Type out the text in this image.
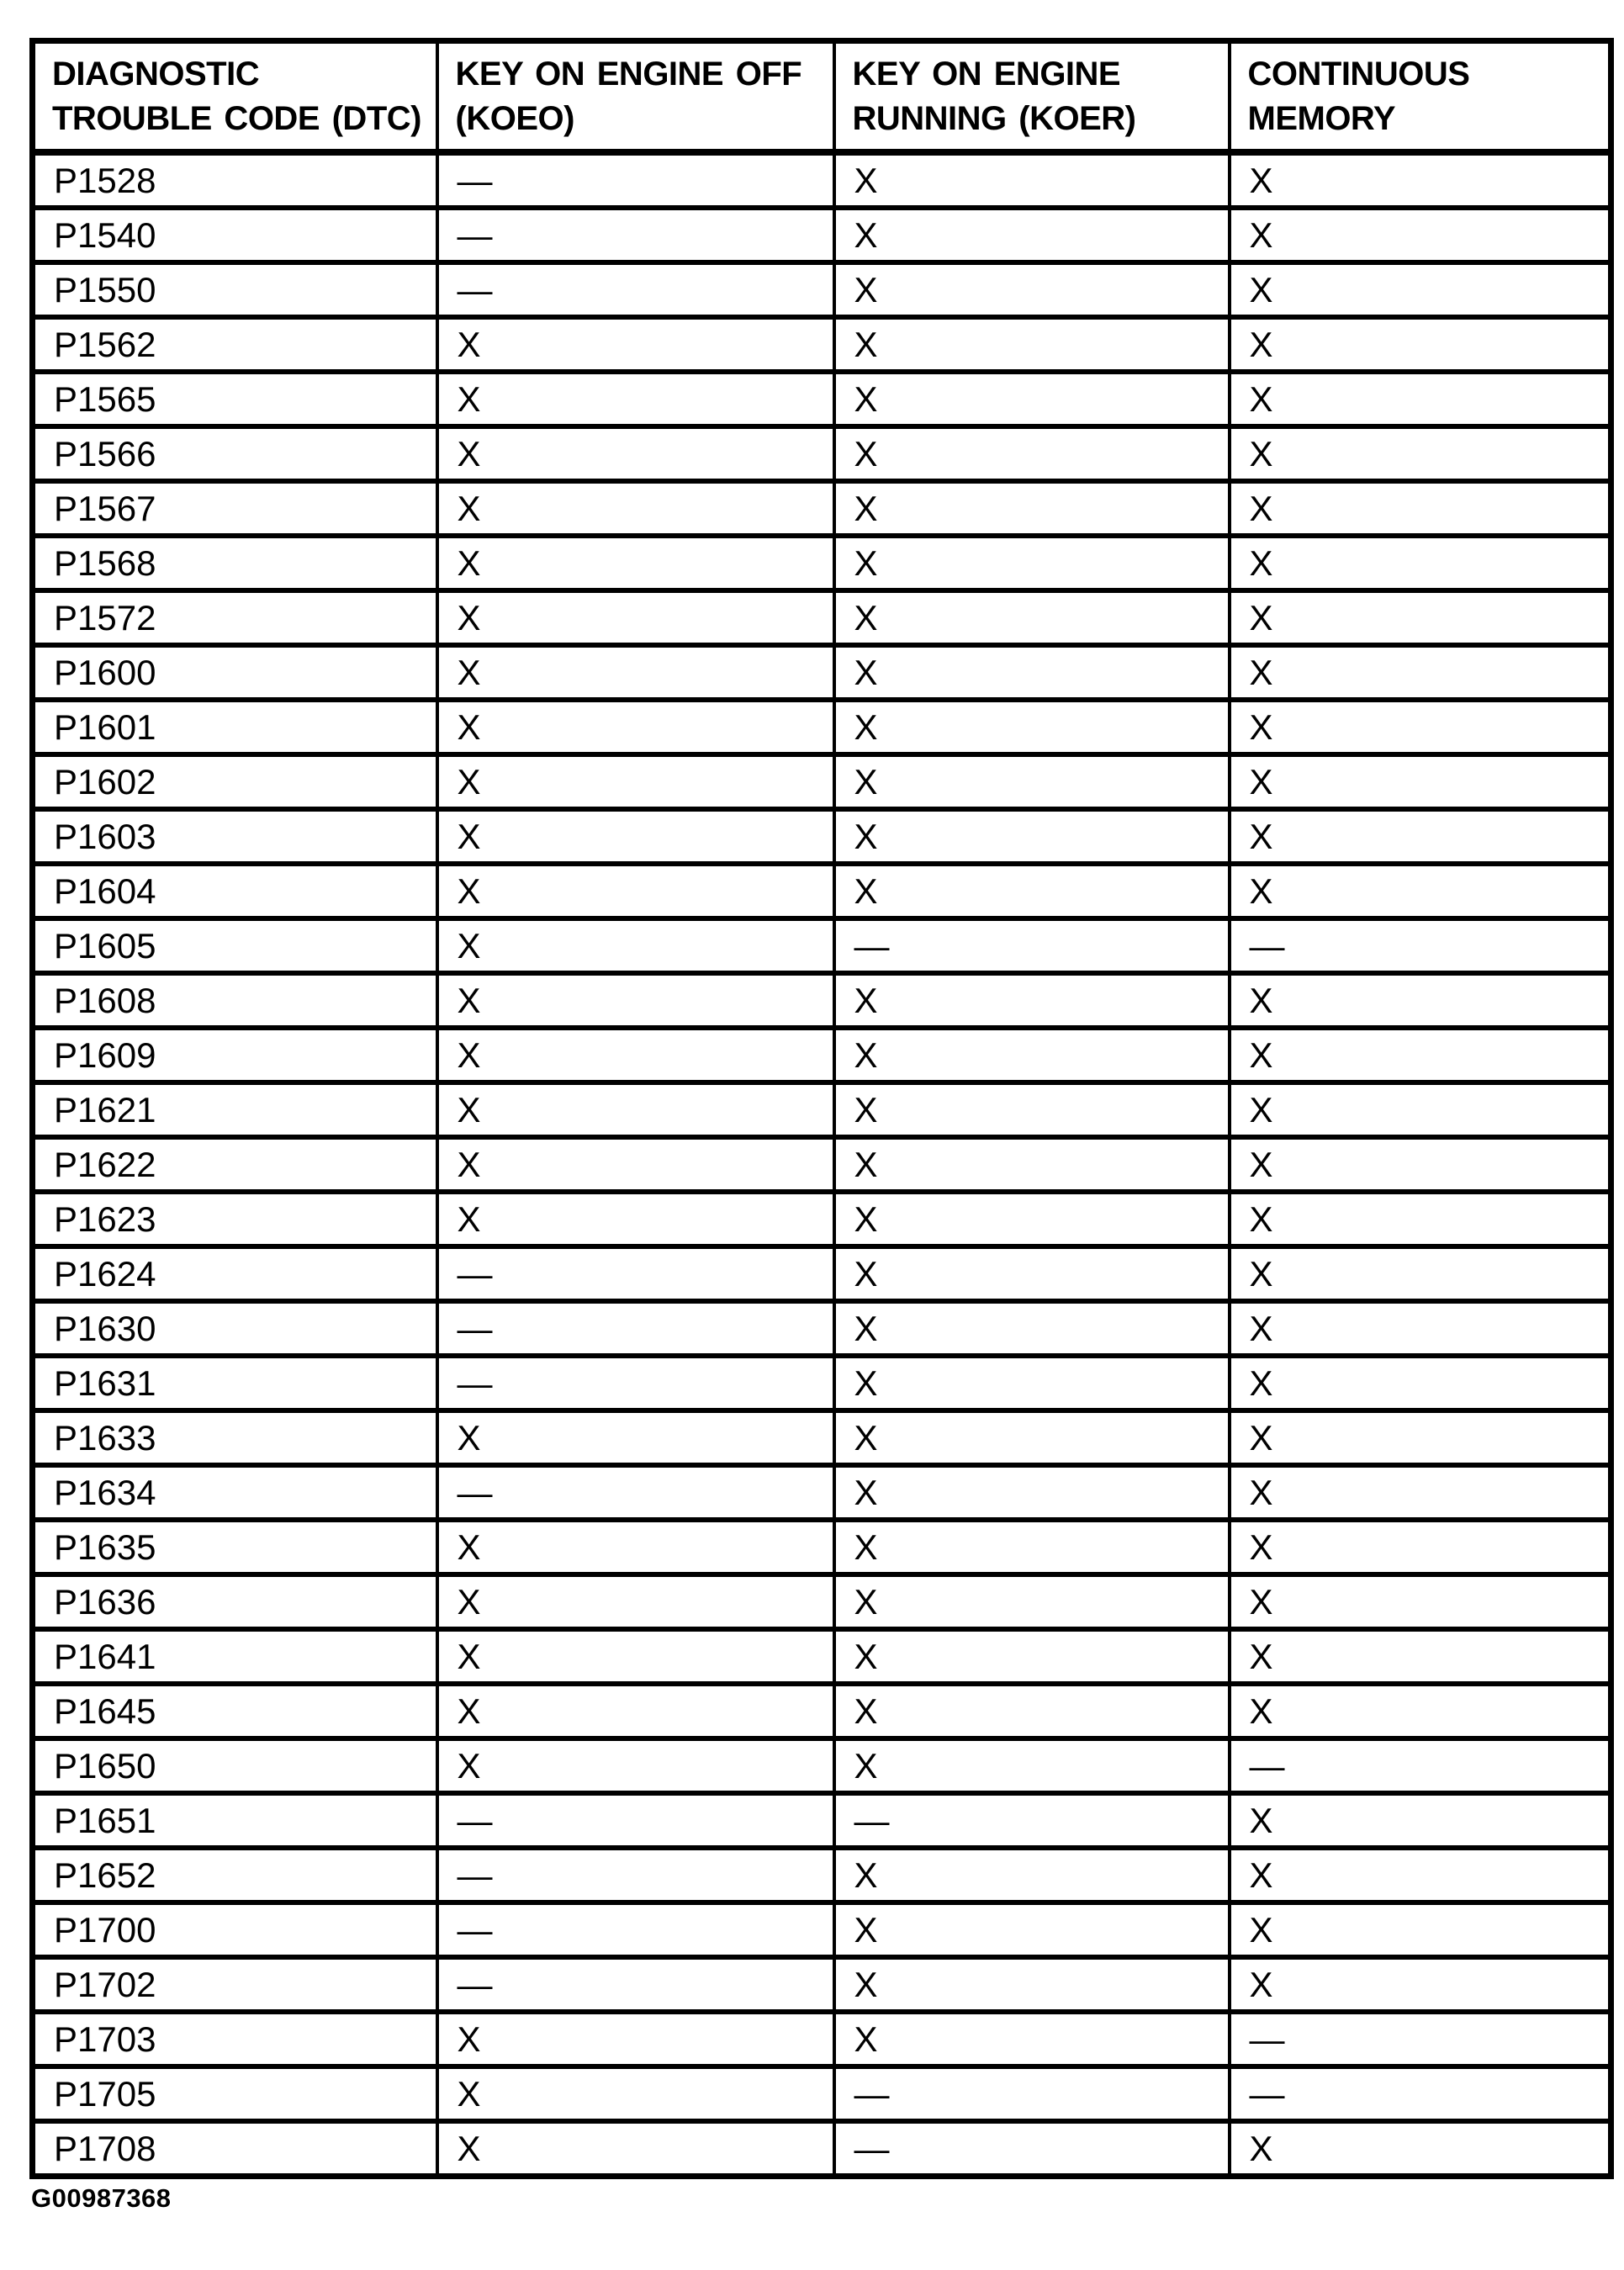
DIAGNOSTIC TROUBLE CODE (DTC)	KEY ON ENGINE OFF (KOEO)	KEY ON ENGINE RUNNING (KOER)	CONTINUOUS MEMORY
P1528	—	X	X
P1540	—	X	X
P1550	—	X	X
P1562	X	X	X
P1565	X	X	X
P1566	X	X	X
P1567	X	X	X
P1568	X	X	X
P1572	X	X	X
P1600	X	X	X
P1601	X	X	X
P1602	X	X	X
P1603	X	X	X
P1604	X	X	X
P1605	X	—	—
P1608	X	X	X
P1609	X	X	X
P1621	X	X	X
P1622	X	X	X
P1623	X	X	X
P1624	—	X	X
P1630	—	X	X
P1631	—	X	X
P1633	X	X	X
P1634	—	X	X
P1635	X	X	X
P1636	X	X	X
P1641	X	X	X
P1645	X	X	X
P1650	X	X	—
P1651	—	—	X
P1652	—	X	X
P1700	—	X	X
P1702	—	X	X
P1703	X	X	—
P1705	X	—	—
P1708	X	—	X
G00987368
